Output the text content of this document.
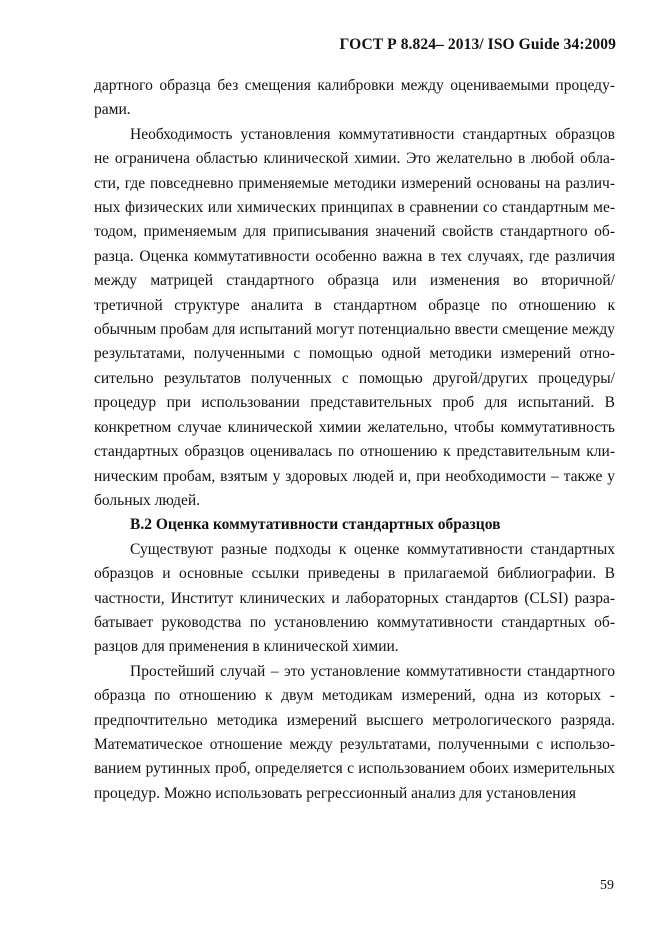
ГОСТ Р 8.824– 2013/ ISO Guide 34:2009

дартного образца без смещения калибровки между оцениваемыми процедурами.

Необходимость установления коммутативности стандартных образцов не ограничена областью клинической химии. Это желательно в любой области, где повседневно применяемые методики измерений основаны на различных физических или химических принципах в сравнении со стандартным методом, применяемым для приписывания значений свойств стандартного образца. Оценка коммутативности особенно важна в тех случаях, где различия между матрицей стандартного образца или изменения во вторичной/третичной структуре аналита в стандартном образце по отношению к обычным пробам для испытаний могут потенциально ввести смещение между результатами, полученными с помощью одной методики измерений относительно результатов полученных с помощью другой/других процедуры/процедур при использовании представительных проб для испытаний. В конкретном случае клинической химии желательно, чтобы коммутативность стандартных образцов оценивалась по отношению к представительным клиническим пробам, взятым у здоровых людей и, при необходимости – также у больных людей.

В.2 Оценка коммутативности стандартных образцов

Существуют разные подходы к оценке коммутативности стандартных образцов и основные ссылки приведены в прилагаемой библиографии. В частности, Институт клинических и лабораторных стандартов (CLSI) разрабатывает руководства по установлению коммутативности стандартных образцов для применения в клинической химии.

Простейший случай – это установление коммутативности стандартного образца по отношению к двум методикам измерений, одна из которых - предпочтительно методика измерений высшего метрологического разряда. Математическое отношение между результатами, полученными с использованием рутинных проб, определяется с использованием обоих измерительных процедур. Можно использовать регрессионный анализ для установления

59
